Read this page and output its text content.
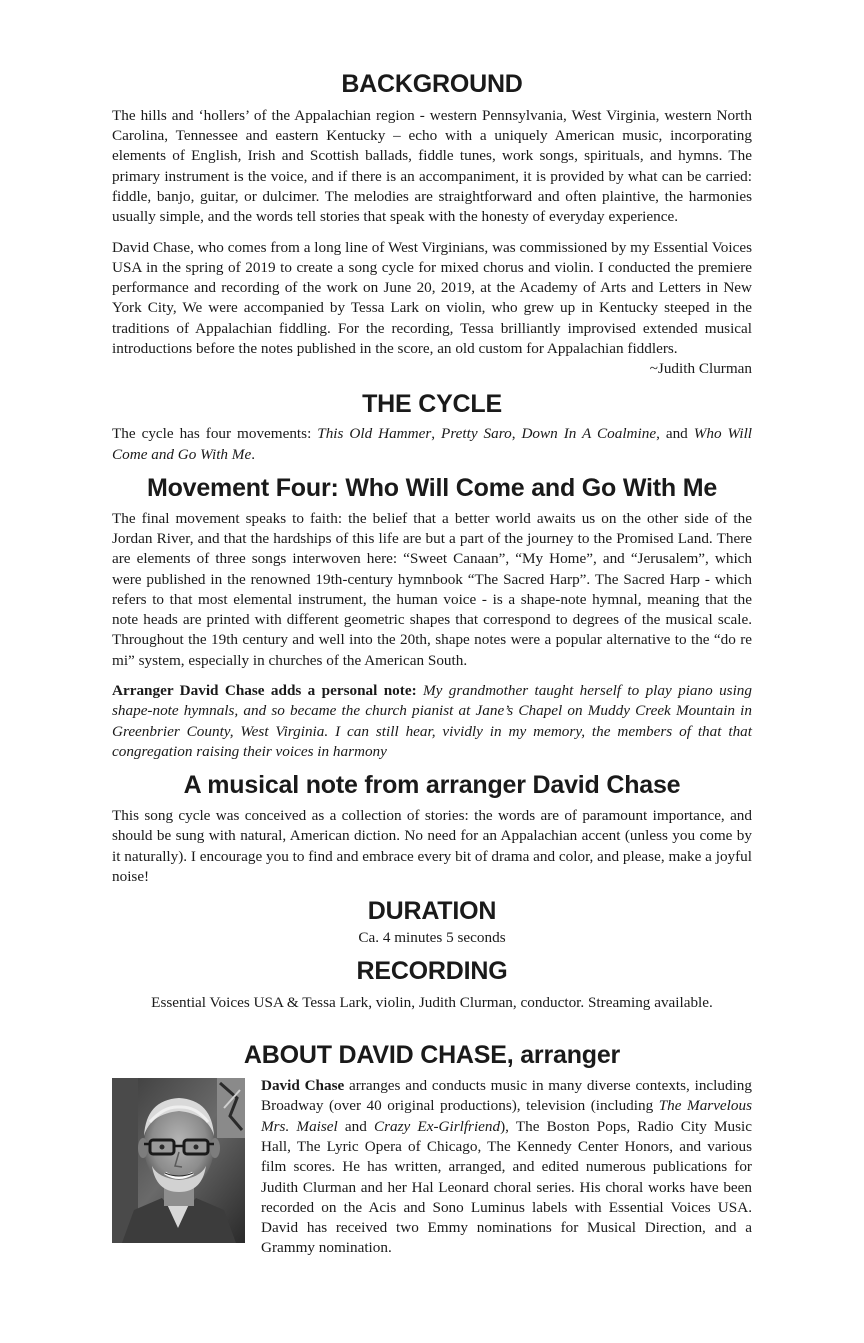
BACKGROUND

The hills and ‘hollers’ of the Appalachian region - western Pennsylvania, West Virginia, western North Carolina, Tennessee and eastern Kentucky – echo with a uniquely American music, incorporating elements of English, Irish and Scottish ballads, fiddle tunes, work songs, spirituals, and hymns. The primary instrument is the voice, and if there is an accompaniment, it is provided by what can be carried: fiddle, banjo, guitar, or dulcimer. The melodies are straightforward and often plaintive, the harmonies usually simple, and the words tell stories that speak with the honesty of everyday experience.

David Chase, who comes from a long line of West Virginians, was commissioned by my Essential Voices USA in the spring of 2019 to create a song cycle for mixed chorus and violin. I conducted the premiere performance and recording of the work on June 20, 2019, at the Academy of Arts and Letters in New York City, We were accompanied by Tessa Lark on violin, who grew up in Kentucky steeped in the traditions of Appalachian fiddling. For the recording, Tessa brilliantly improvised extended musical introductions before the notes published in the score, an old custom for Appalachian fiddlers.

~Judith Clurman

THE CYCLE

The cycle has four movements: This Old Hammer, Pretty Saro, Down In A Coalmine, and Who Will Come and Go With Me.

Movement Four: Who Will Come and Go With Me

The final movement speaks to faith: the belief that a better world awaits us on the other side of the Jordan River, and that the hardships of this life are but a part of the journey to the Promised Land. There are elements of three songs interwoven here: “Sweet Canaan”, “My Home”, and “Jerusalem”, which were published in the renowned 19th-century hymnbook “The Sacred Harp”. The Sacred Harp - which refers to that most elemental instrument, the human voice - is a shape-note hymnal, meaning that the note heads are printed with different geometric shapes that correspond to degrees of the musical scale. Throughout the 19th century and well into the 20th, shape notes were a popular alternative to the “do re mi” system, especially in churches of the American South.

Arranger David Chase adds a personal note: My grandmother taught herself to play piano using shape-note hymnals, and so became the church pianist at Jane’s Chapel on Muddy Creek Mountain in Greenbrier County, West Virginia. I can still hear, vividly in my memory, the members of that that congregation raising their voices in harmony

A musical note from arranger David Chase

This song cycle was conceived as a collection of stories: the words are of paramount importance, and should be sung with natural, American diction. No need for an Appalachian accent (unless you come by it naturally). I encourage you to find and embrace every bit of drama and color, and please, make a joyful noise!

DURATION

Ca. 4 minutes 5 seconds

RECORDING

Essential Voices USA & Tessa Lark, violin, Judith Clurman, conductor. Streaming available.

ABOUT DAVID CHASE, arranger

David Chase arranges and conducts music in many diverse contexts, including Broadway (over 40 original productions), television (including The Marvelous Mrs. Maisel and Crazy Ex-Girlfriend), The Boston Pops, Radio City Music Hall, The Lyric Opera of Chicago, The Kennedy Center Honors, and various film scores. He has written, arranged, and edited numerous publications for Judith Clurman and her Hal Leonard choral series. His choral works have been recorded on the Acis and Sono Luminus labels with Essential Voices USA. David has received two Emmy nominations for Musical Direction, and a Grammy nomination.
